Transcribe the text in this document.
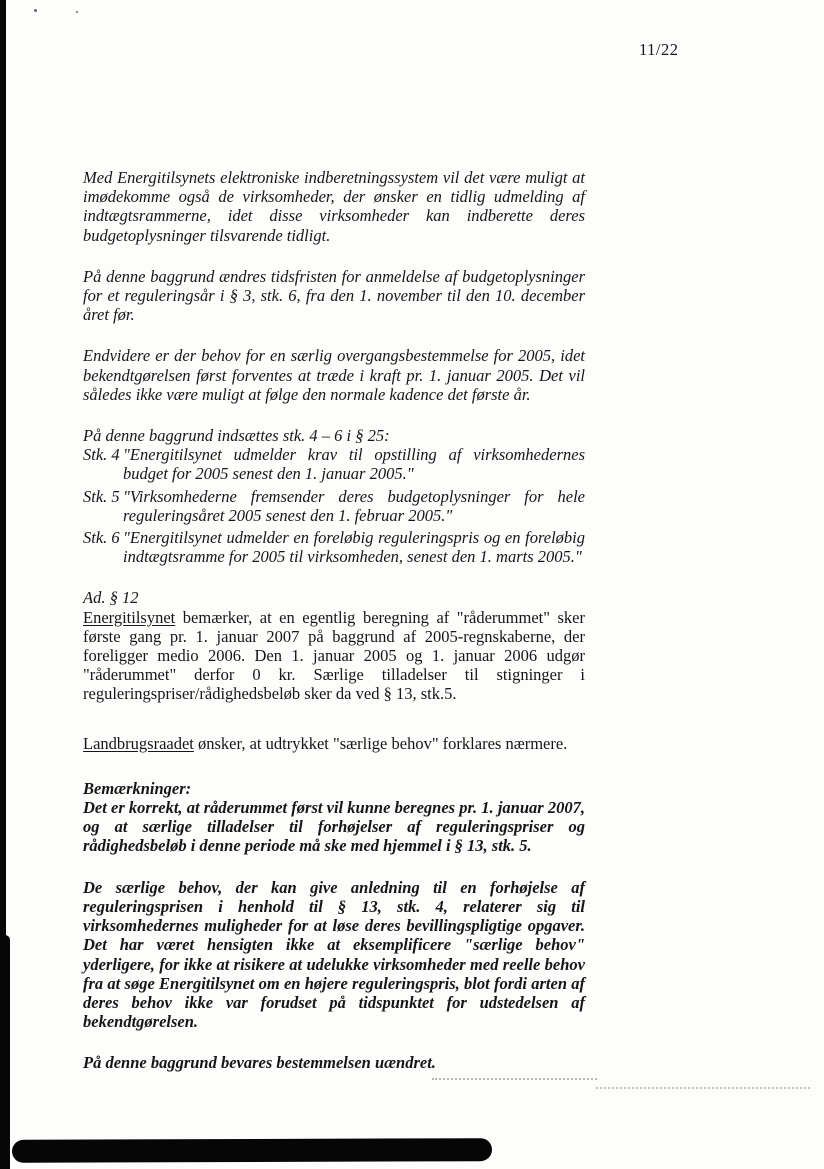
11/22

Med Energitilsynets elektroniske indberetningssystem vil det være muligt at imødekomme også de virksomheder, der ønsker en tidlig udmelding af indtægtsrammerne, idet disse virksomheder kan indberette deres budgetoplysninger tilsvarende tidligt.

På denne baggrund ændres tidsfristen for anmeldelse af budgetoplysninger for et reguleringsår i § 3, stk. 6, fra den 1. november til den 10. december året før.

Endvidere er der behov for en særlig overgangsbestemmelse for 2005, idet bekendtgørelsen først forventes at træde i kraft pr. 1. januar 2005. Det vil således ikke være muligt at følge den normale kadence det første år.

På denne baggrund indsættes stk. 4 – 6 i § 25:

Stk. 4 "Energitilsynet udmelder krav til opstilling af virksomhedernes budget for 2005 senest den 1. januar 2005."
Stk. 5 "Virksomhederne fremsender deres budgetoplysninger for hele reguleringsåret 2005 senest den 1. februar 2005."
Stk. 6 "Energitilsynet udmelder en foreløbig reguleringspris og en foreløbig indtægtsramme for 2005 til virksomheden, senest den 1. marts 2005."

Ad. § 12

Energitilsynet bemærker, at en egentlig beregning af "råderummet" sker første gang pr. 1. januar 2007 på baggrund af 2005-regnskaberne, der foreligger medio 2006. Den 1. januar 2005 og 1. januar 2006 udgør "råderummet" derfor 0 kr. Særlige tilladelser til stigninger i reguleringspriser/rådighedsbeløb sker da ved § 13, stk.5.

Landbrugsraadet ønsker, at udtrykket "særlige behov" forklares nærmere.

Bemærkninger:

Det er korrekt, at råderummet først vil kunne beregnes pr. 1. januar 2007, og at særlige tilladelser til forhøjelser af reguleringspriser og rådighedsbeløb i denne periode må ske med hjemmel i § 13, stk. 5.

De særlige behov, der kan give anledning til en forhøjelse af reguleringsprisen i henhold til § 13, stk. 4, relaterer sig til virksomhedernes muligheder for at løse deres bevillingspligtige opgaver. Det har været hensigten ikke at eksemplificere "særlige behov" yderligere, for ikke at risikere at udelukke virksomheder med reelle behov fra at søge Energitilsynet om en højere reguleringspris, blot fordi arten af deres behov ikke var forudset på tidspunktet for udstedelsen af bekendtgørelsen.

På denne baggrund bevares bestemmelsen uændret.
